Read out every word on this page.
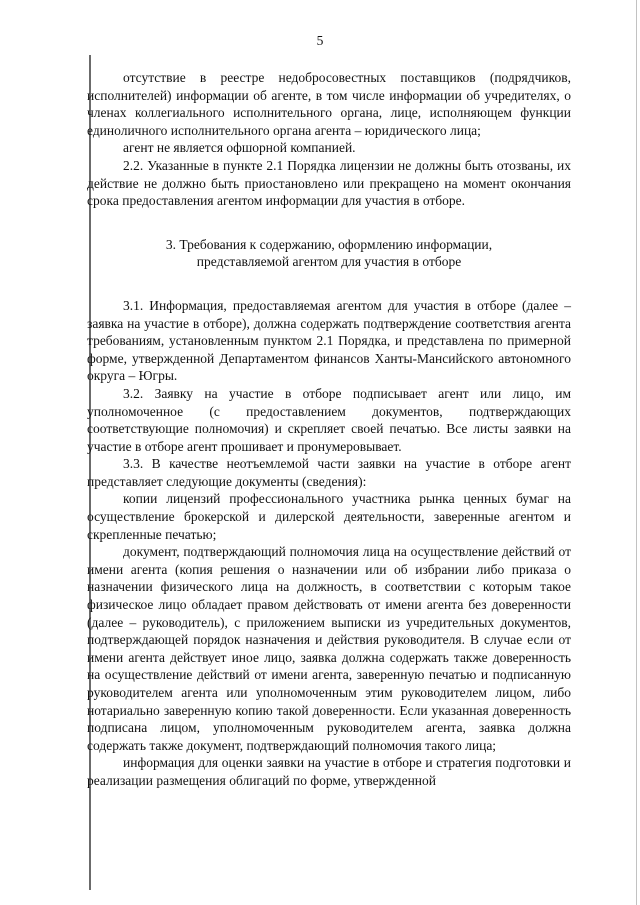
5

отсутствие в реестре недобросовестных поставщиков (подрядчиков, исполнителей) информации об агенте, в том числе информации об учредителях, о членах коллегиального исполнительного органа, лице, исполняющем функции единоличного исполнительного органа агента – юридического лица;

агент не является офшорной компанией.

2.2. Указанные в пункте 2.1 Порядка лицензии не должны быть отозваны, их действие не должно быть приостановлено или прекращено на момент окончания срока предоставления агентом информации для участия в отборе.

3. Требования к содержанию, оформлению информации,
представляемой агентом для участия в отборе

3.1. Информация, предоставляемая агентом для участия в отборе (далее – заявка на участие в отборе), должна содержать подтверждение соответствия агента требованиям, установленным пунктом 2.1 Порядка, и представлена по примерной форме, утвержденной Департаментом финансов Ханты-Мансийского автономного округа – Югры.

3.2. Заявку на участие в отборе подписывает агент или лицо, им уполномоченное (с предоставлением документов, подтверждающих соответствующие полномочия) и скрепляет своей печатью. Все листы заявки на участие в отборе агент прошивает и пронумеровывает.

3.3. В качестве неотъемлемой части заявки на участие в отборе агент представляет следующие документы (сведения):

копии лицензий профессионального участника рынка ценных бумаг на осуществление брокерской и дилерской деятельности, заверенные агентом и скрепленные печатью;

документ, подтверждающий полномочия лица на осуществление действий от имени агента (копия решения о назначении или об избрании либо приказа о назначении физического лица на должность, в соответствии с которым такое физическое лицо обладает правом действовать от имени агента без доверенности (далее – руководитель), с приложением выписки из учредительных документов, подтверждающей порядок назначения и действия руководителя. В случае если от имени агента действует иное лицо, заявка должна содержать также доверенность на осуществление действий от имени агента, заверенную печатью и подписанную руководителем агента или уполномоченным этим руководителем лицом, либо нотариально заверенную копию такой доверенности. Если указанная доверенность подписана лицом, уполномоченным руководителем агента, заявка должна содержать также документ, подтверждающий полномочия такого лица;

информация для оценки заявки на участие в отборе и стратегия подготовки и реализации размещения облигаций по форме, утвержденной
